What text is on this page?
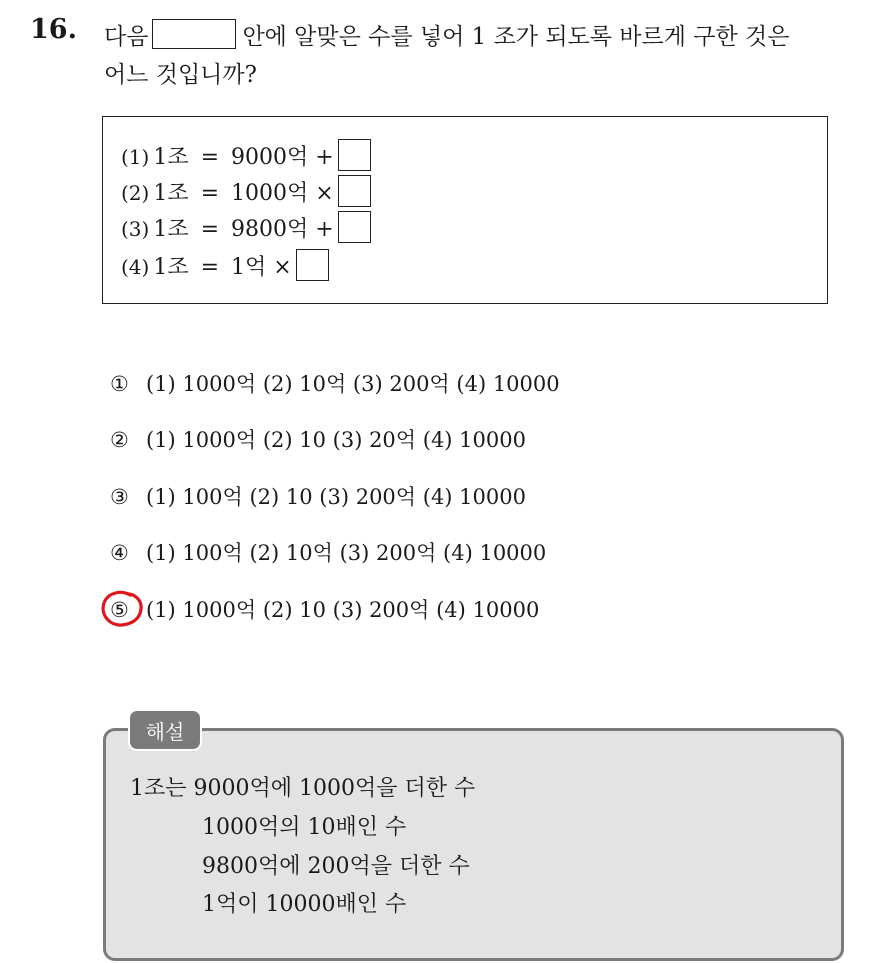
16. 다음	안에 알맞은 수를 넣어 1 조가 되도록 바르게 구한 것은
어느 것입니까?
(1) 1조 = 9000억 +
(2) 1조 = 1000억 ×
(3) 1조 = 9800억 +
(4) 1조 = 1억 ×
① (1) 1000억 (2) 10억 (3) 200억 (4) 10000
② (1) 1000억 (2) 10 (3) 20억 (4) 10000
③ (1) 100억 (2) 10 (3) 200억 (4) 10000
④ (1) 100억 (2) 10억 (3) 200억 (4) 10000
⑤ (1) 1000억 (2) 10 (3) 200억 (4) 10000
1조는 9000억에 1000억을 더한 수
1000억의 10배인 수
9800억에 200억을 더한 수
1억이 10000배인 수
해설
